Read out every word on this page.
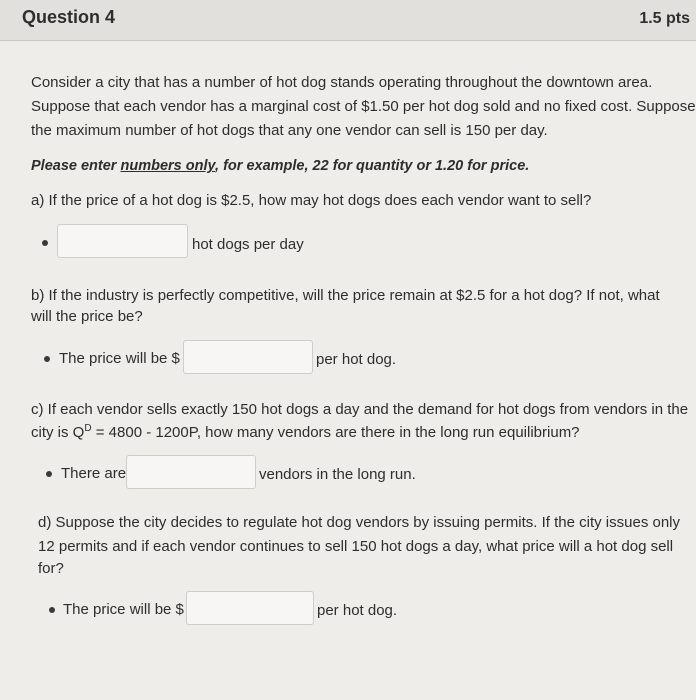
Question 4	1.5 pts
Consider a city that has a number of hot dog stands operating throughout the downtown area.
Suppose that each vendor has a marginal cost of $1.50 per hot dog sold and no fixed cost. Suppose
the maximum number of hot dogs that any one vendor can sell is 150 per day.
Please enter numbers only, for example, 22 for quantity or 1.20 for price.
a) If the price of a hot dog is $2.5, how may hot dogs does each vendor want to sell?
hot dogs per day
b) If the industry is perfectly competitive, will the price remain at $2.5 for a hot dog? If not, what
will the price be?
The price will be $	per hot dog.
c) If each vendor sells exactly 150 hot dogs a day and the demand for hot dogs from vendors in the
city is $Q^D = 4800 - 1200P$, how many vendors are there in the long run equilibrium?
There are	vendors in the long run.
d) Suppose the city decides to regulate hot dog vendors by issuing permits. If the city issues only
12 permits and if each vendor continues to sell 150 hot dogs a day, what price will a hot dog sell
for?
The price will be $	per hot dog.
